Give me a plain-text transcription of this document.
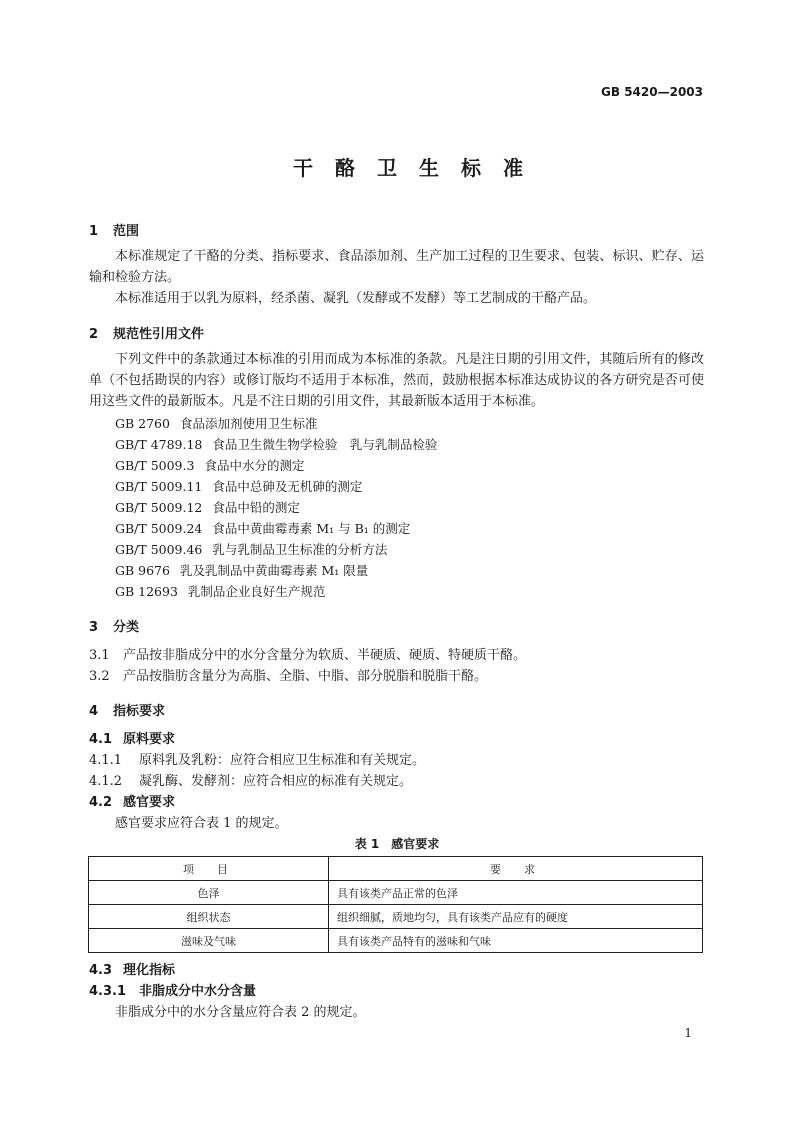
GB 5420—2003
干酪卫生标准
1 范围
本标准规定了干酪的分类、指标要求、食品添加剂、生产加工过程的卫生要求、包装、标识、贮存、运输和检验方法。
本标准适用于以乳为原料，经杀菌、凝乳（发酵或不发酵）等工艺制成的干酪产品。
2 规范性引用文件
下列文件中的条款通过本标准的引用而成为本标准的条款。凡是注日期的引用文件，其随后所有的修改单（不包括勘误的内容）或修订版均不适用于本标准，然而，鼓励根据本标准达成协议的各方研究是否可使用这些文件的最新版本。凡是不注日期的引用文件，其最新版本适用于本标准。
GB 2760 食品添加剂使用卫生标准
GB/T 4789.18 食品卫生微生物学检验　乳与乳制品检验
GB/T 5009.3 食品中水分的测定
GB/T 5009.11 食品中总砷及无机砷的测定
GB/T 5009.12 食品中铅的测定
GB/T 5009.24 食品中黄曲霉毒素 M₁ 与 B₁ 的测定
GB/T 5009.46 乳与乳制品卫生标准的分析方法
GB 9676 乳及乳制品中黄曲霉毒素 M₁ 限量
GB 12693 乳制品企业良好生产规范
3 分类
3.1 产品按非脂成分中的水分含量分为软质、半硬质、硬质、特硬质干酪。
3.2 产品按脂肪含量分为高脂、全脂、中脂、部分脱脂和脱脂干酪。
4 指标要求
4.1 原料要求
4.1.1 原料乳及乳粉：应符合相应卫生标准和有关规定。
4.1.2 凝乳酶、发酵剂：应符合相应的标准有关规定。
4.2 感官要求
感官要求应符合表 1 的规定。
表 1　感官要求
项　目	要　求
色泽	具有该类产品正常的色泽
组织状态	组织细腻，质地均匀，具有该类产品应有的硬度
滋味及气味	具有该类产品特有的滋味和气味
4.3 理化指标
4.3.1 非脂成分中水分含量
非脂成分中的水分含量应符合表 2 的规定。
1
